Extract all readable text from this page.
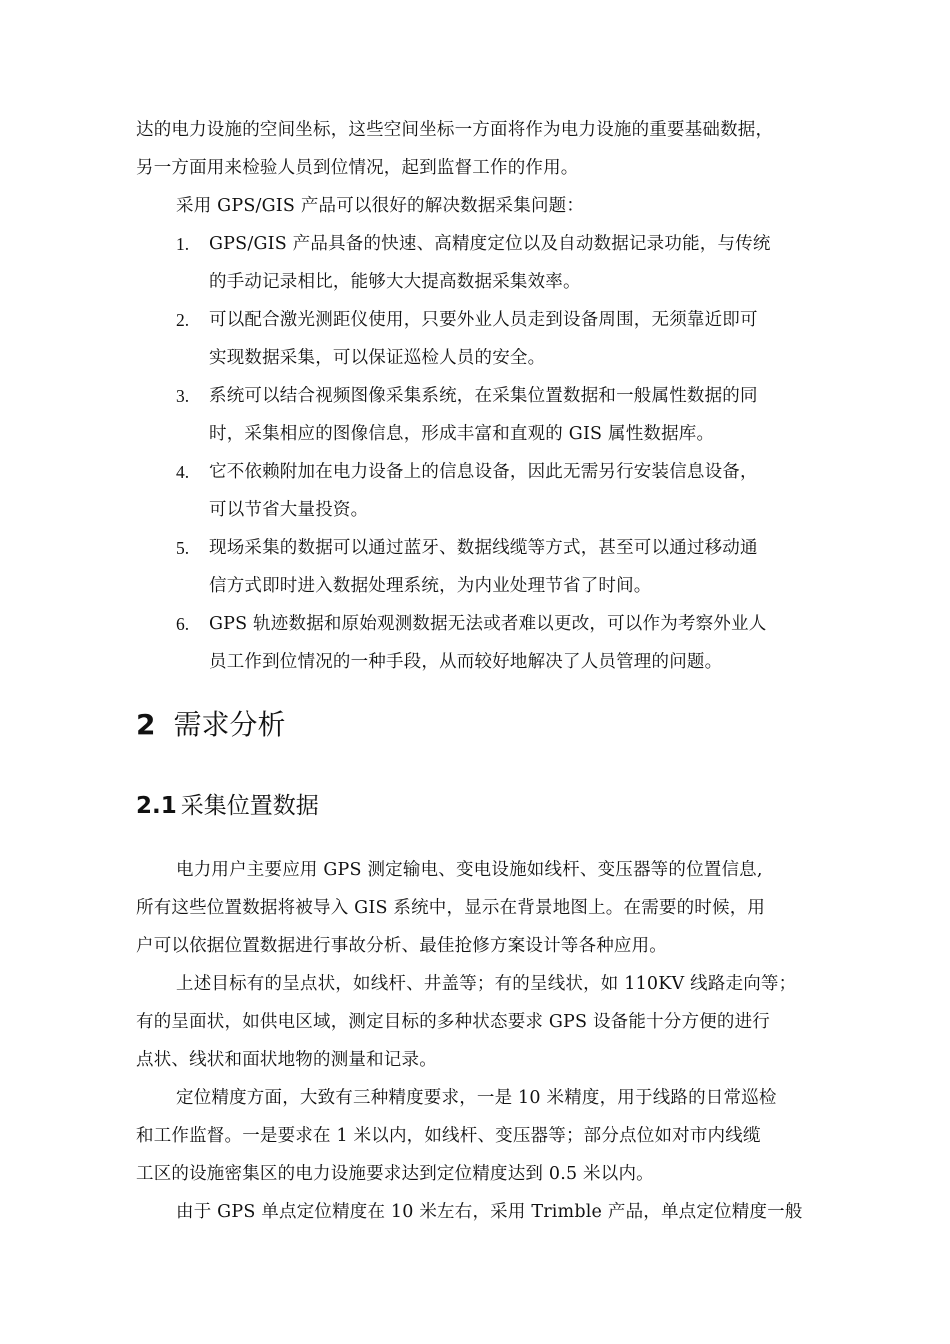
达的电力设施的空间坐标，这些空间坐标一方面将作为电力设施的重要基础数据，
另一方面用来检验人员到位情况，起到监督工作的作用。
采用 GPS/GIS 产品可以很好的解决数据采集问题：
1. GPS/GIS 产品具备的快速、高精度定位以及自动数据记录功能，与传统
的手动记录相比，能够大大提高数据采集效率。
2. 可以配合激光测距仪使用，只要外业人员走到设备周围，无须靠近即可
实现数据采集，可以保证巡检人员的安全。
3. 系统可以结合视频图像采集系统，在采集位置数据和一般属性数据的同
时，采集相应的图像信息，形成丰富和直观的 GIS 属性数据库。
4. 它不依赖附加在电力设备上的信息设备，因此无需另行安装信息设备，
可以节省大量投资。
5. 现场采集的数据可以通过蓝牙、数据线缆等方式，甚至可以通过移动通
信方式即时进入数据处理系统，为内业处理节省了时间。
6. GPS 轨迹数据和原始观测数据无法或者难以更改，可以作为考察外业人
员工作到位情况的一种手段，从而较好地解决了人员管理的问题。
2 需求分析
2.1 采集位置数据
电力用户主要应用 GPS 测定输电、变电设施如线杆、变压器等的位置信息,
所有这些位置数据将被导入 GIS 系统中，显示在背景地图上。在需要的时候，用
户可以依据位置数据进行事故分析、最佳抢修方案设计等各种应用。
上述目标有的呈点状，如线杆、井盖等；有的呈线状，如 110KV 线路走向等；
有的呈面状，如供电区域，测定目标的多种状态要求 GPS 设备能十分方便的进行
点状、线状和面状地物的测量和记录。
定位精度方面，大致有三种精度要求，一是 10 米精度，用于线路的日常巡检
和工作监督。一是要求在 1 米以内，如线杆、变压器等；部分点位如对市内线缆
工区的设施密集区的电力设施要求达到定位精度达到 0.5 米以内。
由于 GPS 单点定位精度在 10 米左右，采用 Trimble 产品，单点定位精度一般
